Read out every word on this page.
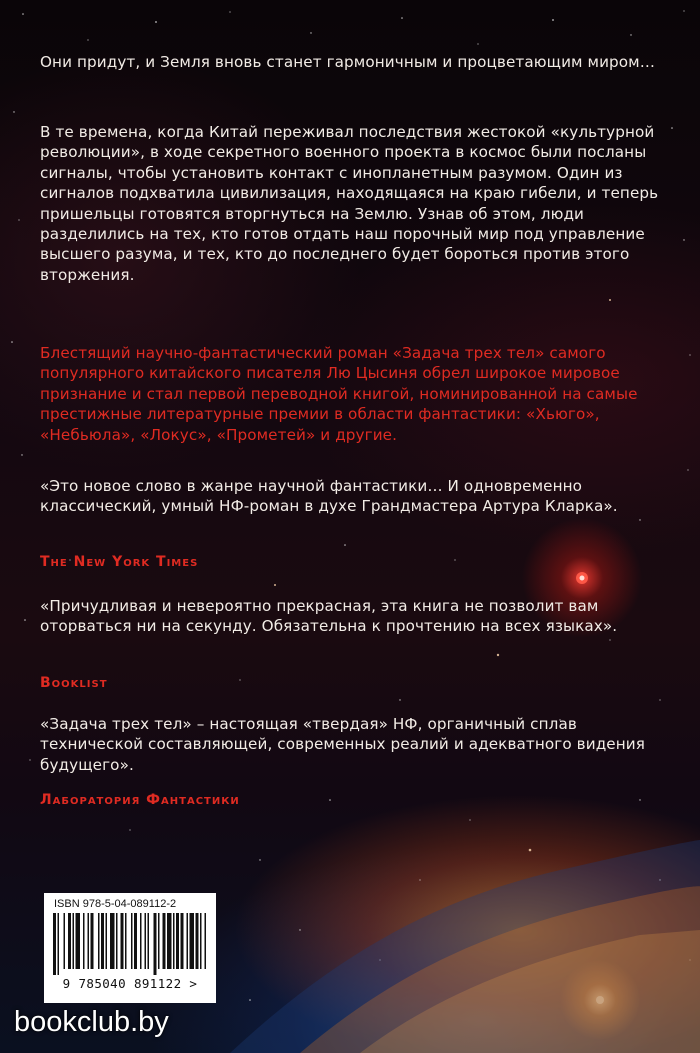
Они придут, и Земля вновь станет гармоничным и процветающим миром…

В те времена, когда Китай переживал последствия жестокой «культурной революции», в ходе секретного военного проекта в космос были посланы сигналы, чтобы установить контакт с инопланетным разумом. Один из сигналов подхватила цивилизация, находящаяся на краю гибели, и теперь пришельцы готовятся вторгнуться на Землю. Узнав об этом, люди разделились на тех, кто готов отдать наш порочный мир под управление высшего разума, и тех, кто до последнего будет бороться против этого вторжения.

Блестящий научно-фантастический роман «Задача трех тел» самого популярного китайского писателя Лю Цысиня обрел широкое мировое признание и стал первой переводной книгой, номинированной на самые престижные литературные премии в области фантастики: «Хьюго», «Небьюла», «Локус», «Прометей» и другие.

«Это новое слово в жанре научной фантастики… И одновременно классический, умный НФ-роман в духе Грандмастера Артура Кларка».

The New York Times

«Причудливая и невероятно прекрасная, эта книга не позволит вам оторваться ни на секунду. Обязательна к прочтению на всех языках».

Booklist

«Задача трех тел» – настоящая «твердая» НФ, органичный сплав технической составляющей, современных реалий и адекватного видения будущего».

Лаборатория Фантастики

ISBN 978-5-04-089112-2

9 785040 891122 >

bookclub.by
